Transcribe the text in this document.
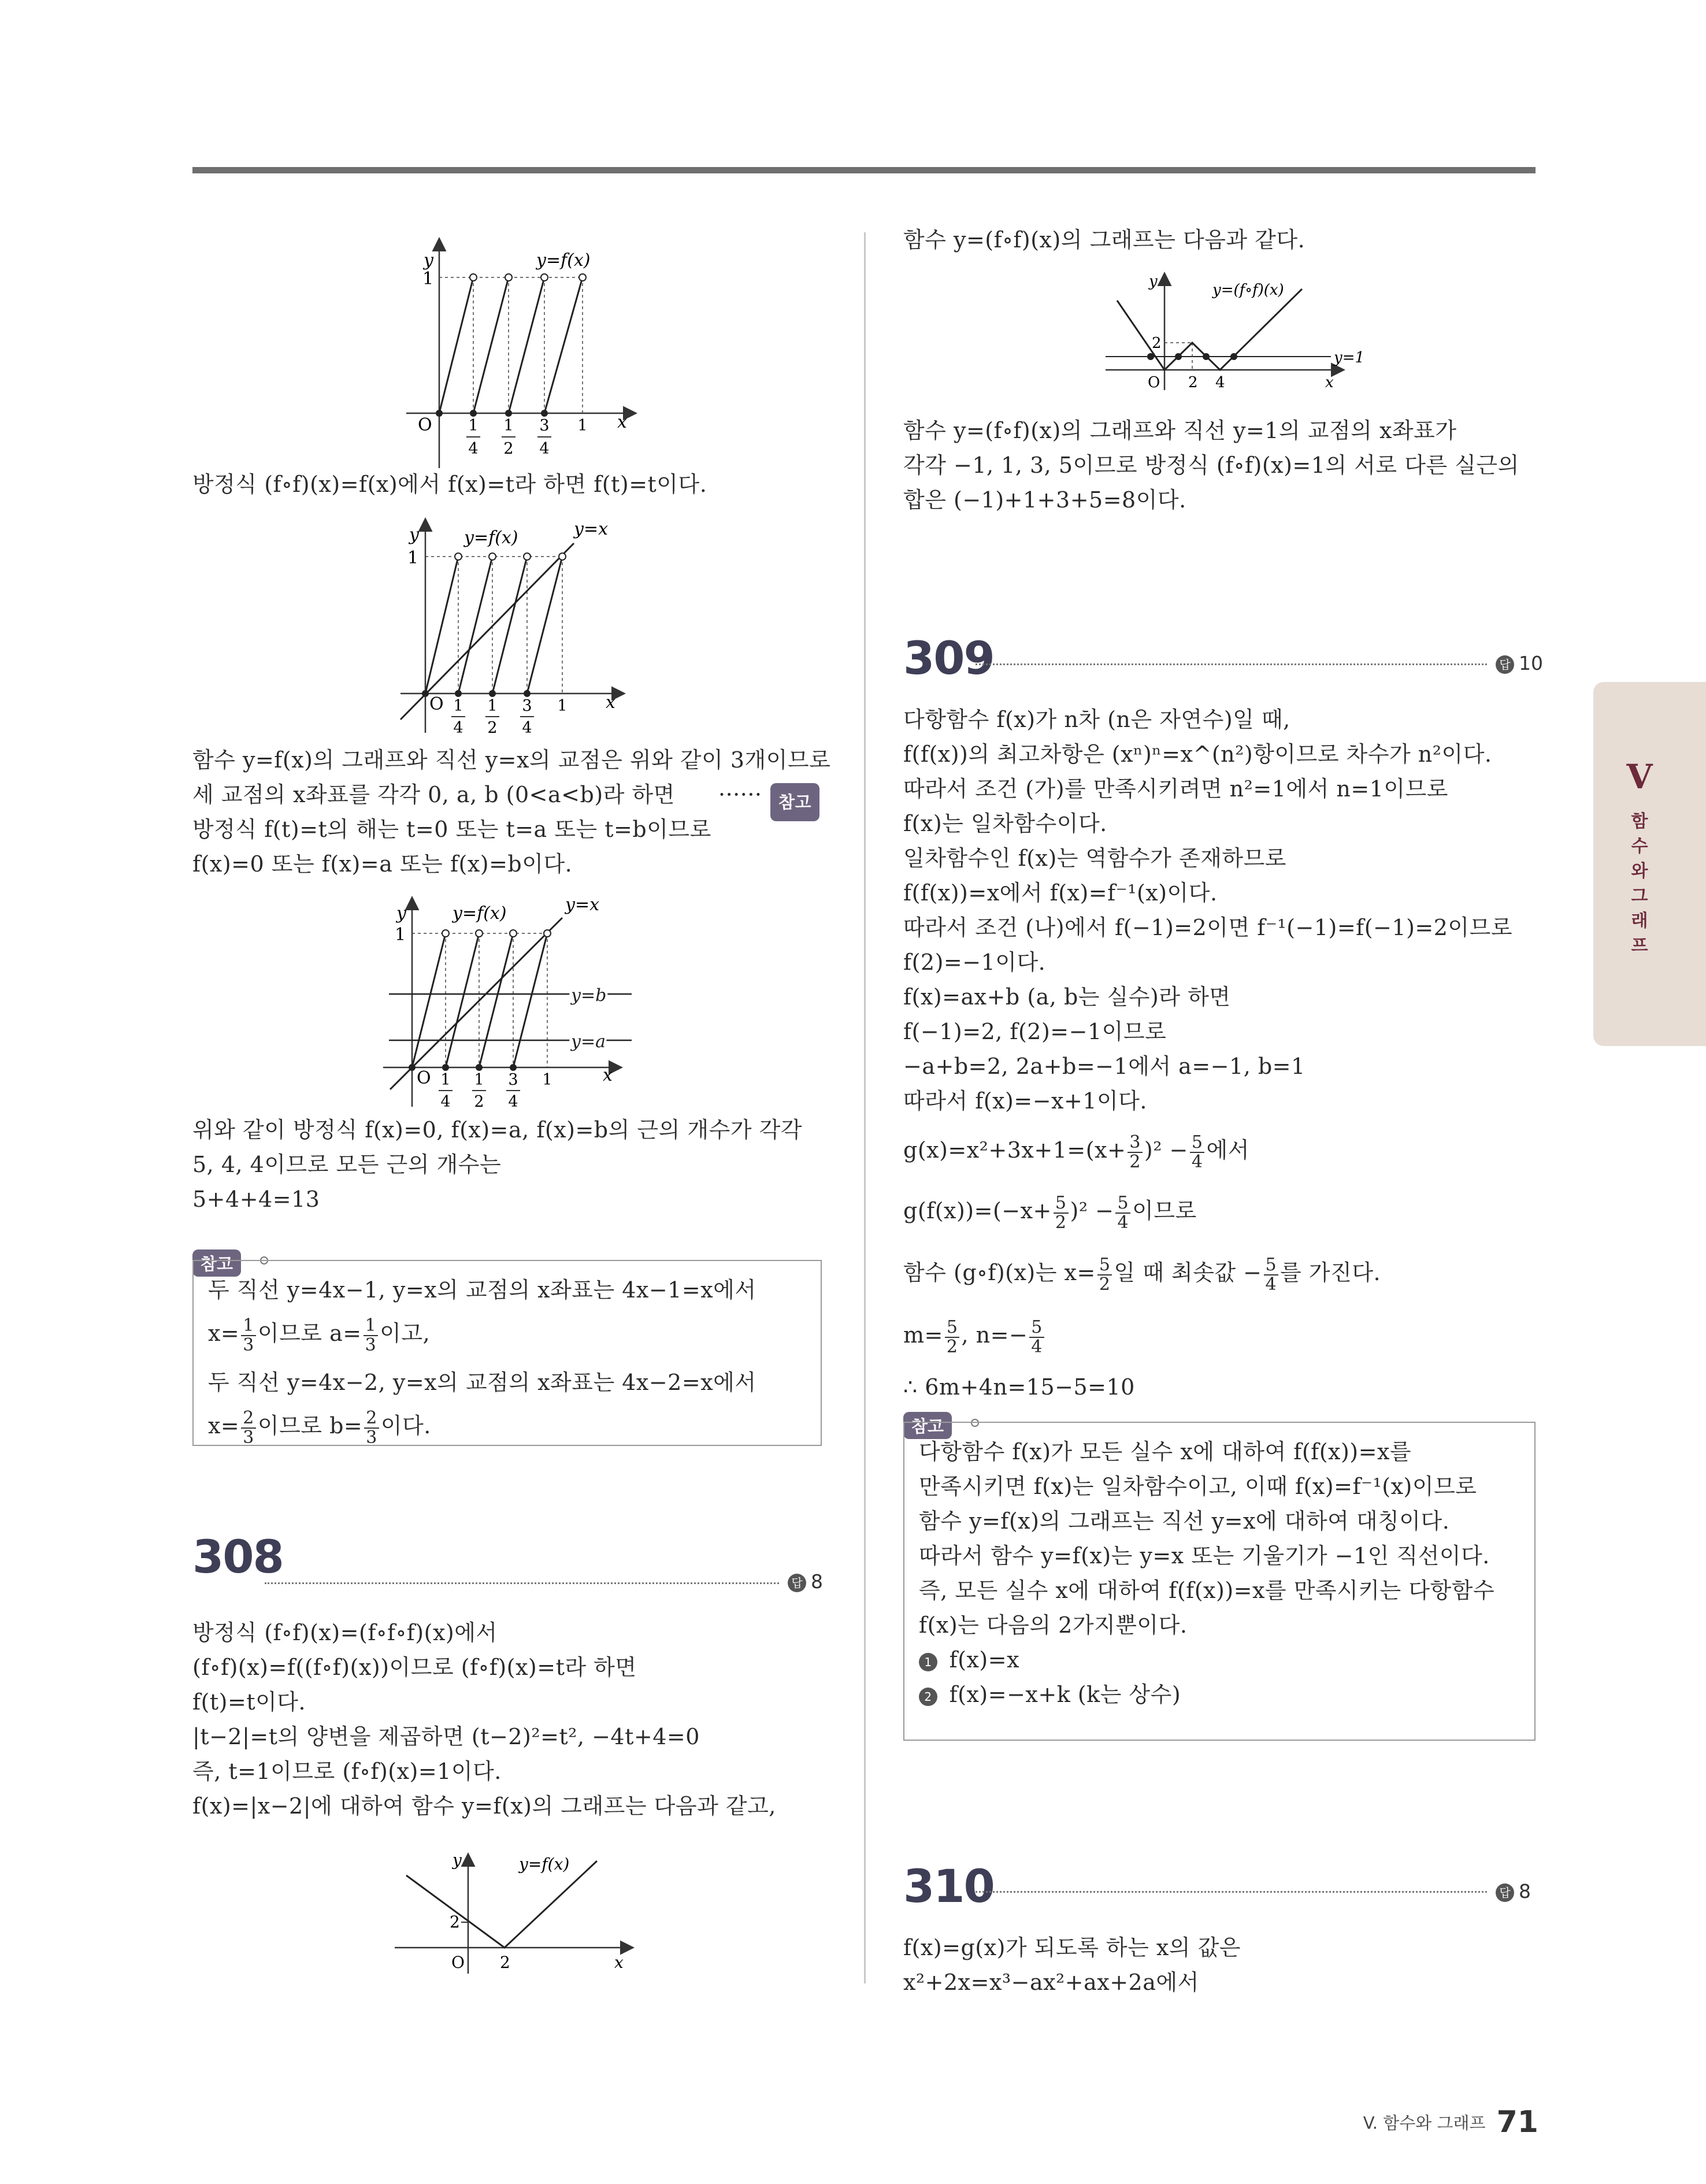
y
x
O
1
y=f(x)
1
4
1
2
3
4
1
방정식 (f∘f)(x)=f(x)에서 f(x)=t라 하면 f(t)=t이다.
y
x
O
1
y=f(x)	y=x
1
4
1
2
3
4
1
함수 y=f(x)의 그래프와 직선 y=x의 교점은 위와 같이 3개이므로
세 교점의 x좌표를 각각 0, a, b (0<a<b)라 하면 ······ 참고
방정식 f(t)=t의 해는 t=0 또는 t=a 또는 t=b이므로
f(x)=0 또는 f(x)=a 또는 f(x)=b이다.
y
x
O
1
y=f(x)	y=x
y=b
y=a
1
4
1
2
3
4
1
위와 같이 방정식 f(x)=0, f(x)=a, f(x)=b의 근의 개수가 각각
5, 4, 4이므로 모든 근의 개수는
5+4+4=13
참고
두 직선 y=4x−1, y=x의 교점의 x좌표는 4x−1=x에서
$x= \frac{1}{3}$ 이므로 $a= \frac{1}{3}$ 이고,
두 직선 y=4x−2, y=x의 교점의 x좌표는 4x−2=x에서
$x= \frac{2}{3}$ 이므로 $b= \frac{2}{3}$ 이다.
308	답 8
방정식 (f∘f)(x)=(f∘f∘f)(x)에서
(f∘f)(x)=f((f∘f)(x))이므로 (f∘f)(x)=t라 하면
f(t)=t이다.
|t−2|=t의 양변을 제곱하면 (t−2)²=t², −4t+4=0
즉, t=1이므로 (f∘f)(x)=1이다.
f(x)=|x−2|에 대하여 함수 y=f(x)의 그래프는 다음과 같고,
y
x
O
2
2
y=f(x)
함수 y=(f∘f)(x)의 그래프는 다음과 같다.
y
x
O
2
2 4
y=(f∘f)(x)
y=1
함수 y=(f∘f)(x)의 그래프와 직선 y=1의 교점의 x좌표가
각각 −1, 1, 3, 5이므로 방정식 (f∘f)(x)=1의 서로 다른 실근의
합은 (−1)+1+3+5=8이다.
309	답 10
다항함수 f(x)가 n차 (n은 자연수)일 때,
f(f(x))의 최고차항은 (xⁿ)ⁿ=x^(n²)항이므로 차수가 n²이다.
따라서 조건 (가)를 만족시키려면 n²=1에서 n=1이므로
f(x)는 일차함수이다.
일차함수인 f(x)는 역함수가 존재하므로
f(f(x))=x에서 f(x)=f⁻¹(x)이다.
따라서 조건 (나)에서 f(−1)=2이면 f⁻¹(−1)=f(−1)=2이므로
f(2)=−1이다.
f(x)=ax+b (a, b는 실수)라 하면
f(−1)=2, f(2)=−1이므로
−a+b=2, 2a+b=−1에서 a=−1, b=1
따라서 f(x)=−x+1이다.
$g(x)=x^2+3x+1=(x+ \frac{3}{2} )^2 - \frac{5}{4}$ 에서
$g(f(x))=(-x+ \frac{5}{2} )^2 - \frac{5}{4}$ 이므로
함수 (g∘f)(x)는 $x= \frac{5}{2}$ 일 때 최솟값 − $\frac{5}{4}$ 를 가진다.
$m= \frac{5}{2}$ , $n=- \frac{5}{4}$
∴ 6m+4n=15−5=10
참고
다항함수 f(x)가 모든 실수 x에 대하여 f(f(x))=x를
만족시키면 f(x)는 일차함수이고, 이때 f(x)=f⁻¹(x)이므로
함수 y=f(x)의 그래프는 직선 y=x에 대하여 대칭이다.
따라서 함수 y=f(x)는 y=x 또는 기울기가 −1인 직선이다.
즉, 모든 실수 x에 대하여 f(f(x))=x를 만족시키는 다항함수
f(x)는 다음의 2가지뿐이다.
1 f(x)=x
2 f(x)=−x+k (k는 상수)
310	답 8
f(x)=g(x)가 되도록 하는 x의 값은
x²+2x=x³−ax²+ax+2a에서
V
함
수
와
그
래
프
V. 함수와 그래프 71
